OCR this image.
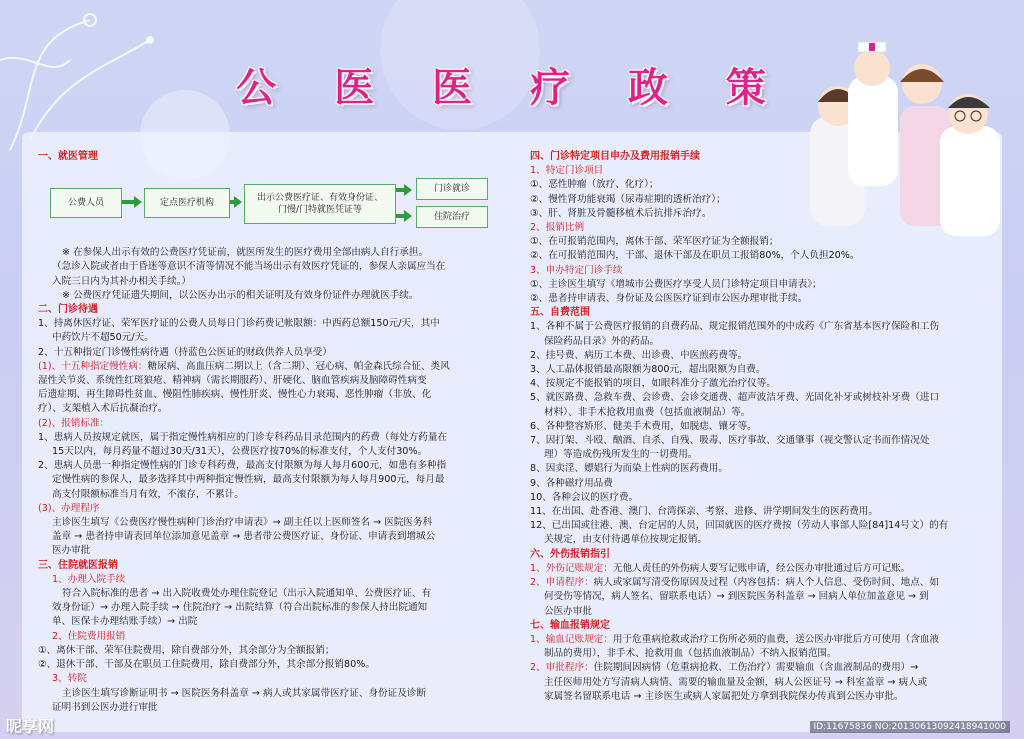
公 医 医 疗 政 策
一、就医管理
公费人员	定点医疗机构	出示公费医疗证、有效身份证、
门慢/门特就医凭证等
门诊就诊
住院治疗

※ 在参保人出示有效的公费医疗凭证前，就医所发生的医疗费用全部由病人自行承担。

（急诊入院或者由于昏迷等意识不清等情况不能当场出示有效医疗凭证的，参保人亲属应当在

入院三日内为其补办相关手续。）

※ 公费医疗凭证遗失期间，以公医办出示的相关证明及有效身份证件办理就医手续。

二、门诊待遇

1、持离休医疗证、荣军医疗证的公费人员每日门诊药费记帐限额：中西药总额150元/天，其中

中药饮片不超50元/天。

2、十五种指定门诊慢性病待遇（持蓝色公医证的财政供养人员享受）

(1)、十五种指定慢性病：糖尿病、高血压病二期以上（含二期）、冠心病、帕金森氏综合征、类风

湿性关节炎、系统性红斑狼疮、精神病（需长期服药）、肝硬化、脑血管疾病及脑障碍性病变

后遗症期、再生障碍性贫血、慢阻性肺疾病、慢性肝炎、慢性心力衰竭、恶性肿瘤（非放、化

疗）、支架植入术后抗凝治疗。

(2)、报销标准：

1、患病人员按规定就医，属于指定慢性病相应的门诊专科药品目录范围内的药费（每处方药量在

15天以内，每月药量不超过30天/31天），公费医疗按70%的标准支付，个人支付30%。

2、患病人员患一种指定慢性病的门诊专科药费，最高支付限额为每人每月600元，如患有多种指

定慢性病的参保人，最多选择其中两种指定慢性病，最高支付限额为每人每月900元，每月最

高支付限额标准当月有效，不滚存，不累计。

(3)、办理程序

主诊医生填写《公费医疗慢性病种门诊治疗申请表》→ 副主任以上医师签名 → 医院医务科

盖章 → 患者持申请表回单位添加意见盖章 → 患者带公费医疗证、身份证、申请表到增城公

医办审批

三、住院就医报销

1、办理入院手续

符合入院标准的患者 → 出入院收费处办理住院登记（出示入院通知单、公费医疗证、有

效身份证）→ 办理入院手续 → 住院治疗 → 出院结算（符合出院标准的参保人持出院通知

单、医保卡办理结账手续）→ 出院

2、住院费用报销

①、离休干部、荣军住院费用，除自费部分外，其余部分为全额报销；

②、退休干部、干部及在职员工住院费用，除自费部分外，其余部分报销80%。

3、转院

主诊医生填写诊断证明书 → 医院医务科盖章 → 病人或其家属带医疗证、身份证及诊断

证明书到公医办进行审批

四、门诊特定项目申办及费用报销手续

1、特定门诊项目

①、恶性肿瘤（放疗、化疗）；

②、慢性肾功能衰竭（尿毒症期的透析治疗）；

③、肝、肾脏及骨髓移植术后抗排斥治疗。

2、报销比例

①、在可报销范围内，离休干部、荣军医疗证为全额报销；

②、在可报销范围内，干部、退休干部及在职员工报销80%，个人负担20%。

3、申办特定门诊手续

①、主诊医生填写《增城市公费医疗享受人员门诊特定项目申请表》；

②、患者持申请表、身份证及公医医疗证到市公医办理审批手续。

五、自费范围

1、各种不属于公费医疗报销的自费药品、规定报销范围外的中成药《广东省基本医疗保险和工伤

保险药品目录》外的药品。

2、挂号费、病历工本费、出诊费、中医煎药费等。

3、人工晶体报销最高限额为800元，超出限额为自费。

4、按规定不能报销的项目，如眼科准分子激光治疗仪等。

5、就医路费、急救车费、会诊费、会诊交通费、超声波洁牙费、光固化补牙或树枝补牙费（进口

材料）、非手术抢救用血费（包括血液制品）等。

6、各种整容矫形、健美手术费用，如脱痣、镶牙等。

7、因打架、斗殴、酗酒、自杀、自残、吸毒、医疗事故、交通肇事（视交警认定书而作情况处

理）等造成伤残所发生的一切费用。

8、因卖淫、嫖娼行为而染上性病的医药费用。

9、各种磁疗用品费

10、各种会议的医疗费。

11、在出国、赴香港、澳门、台湾探亲、考察、进修、讲学期间发生的医药费用。

12、已出国或往港、澳、台定居的人员，回国就医的医疗费按（劳动人事部人险[84]14号文）的有

关规定，由支付待遇单位按规定报销。

六、外伤报销指引

1、外伤记账规定：无他人责任的外伤病人要写记账申请，经公医办审批通过后方可记账。

2、申请程序：病人或家属写清受伤原因及过程（内容包括：病人个人信息、受伤时间、地点、如

何受伤等情况，病人签名、留联系电话）→ 到医院医务科盖章 → 回病人单位加盖意见 → 到

公医办审批

七、输血报销规定

1、输血记账规定：用于危重病抢救或治疗工伤所必须的血费，送公医办审批后方可使用（含血液

制品的费用），非手术、抢救用血（包括血液制品）不纳入报销范围。

2、审批程序：住院期间因病情（危重病抢救、工伤治疗）需要输血（含血液制品的费用）→

主任医师用处方写清病人病情、需要的输血量及金额，病人公医证号 → 科室盖章 → 病人或

家属签名留联系电话 → 主诊医生或病人家属把处方拿到我院保办传真到公医办审批。

昵享网	ID:11675836 NO:20130613092418941000
